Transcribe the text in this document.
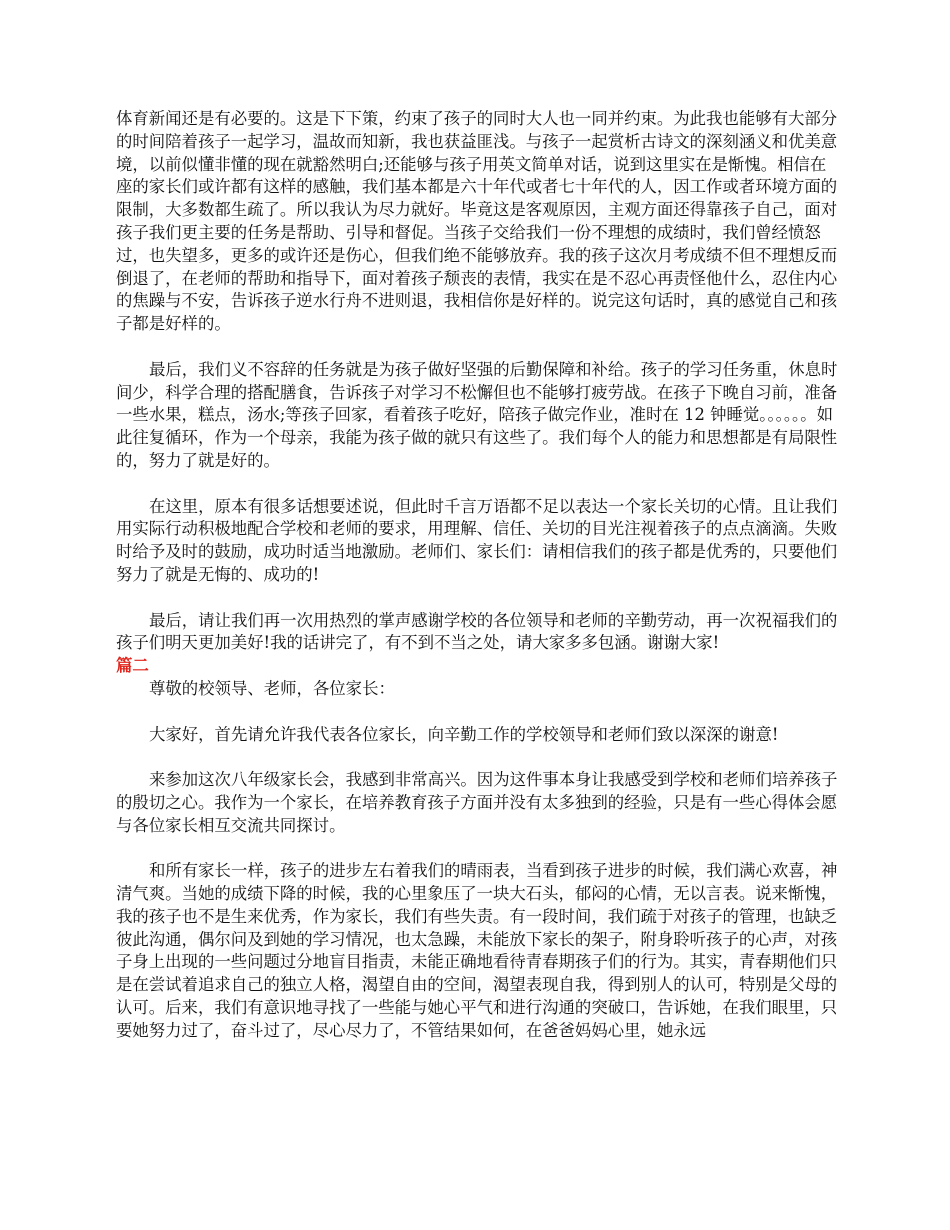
体育新闻还是有必要的。这是下下策，约束了孩子的同时大人也一同并约束。为此我也能够有大部分的时间陪着孩子一起学习，温故而知新，我也获益匪浅。与孩子一起赏析古诗文的深刻涵义和优美意境，以前似懂非懂的现在就豁然明白;还能够与孩子用英文简单对话，说到这里实在是惭愧。相信在座的家长们或许都有这样的感触，我们基本都是六十年代或者七十年代的人，因工作或者环境方面的限制，大多数都生疏了。所以我认为尽力就好。毕竟这是客观原因，主观方面还得靠孩子自己，面对孩子我们更主要的任务是帮助、引导和督促。当孩子交给我们一份不理想的成绩时，我们曾经愤怒过，也失望多，更多的或许还是伤心，但我们绝不能够放弃。我的孩子这次月考成绩不但不理想反而倒退了，在老师的帮助和指导下，面对着孩子颓丧的表情，我实在是不忍心再责怪他什么，忍住内心的焦躁与不安，告诉孩子逆水行舟不进则退，我相信你是好样的。说完这句话时，真的感觉自己和孩子都是好样的。

最后，我们义不容辞的任务就是为孩子做好坚强的后勤保障和补给。孩子的学习任务重，休息时间少，科学合理的搭配膳食，告诉孩子对学习不松懈但也不能够打疲劳战。在孩子下晚自习前，准备一些水果，糕点，汤水;等孩子回家，看着孩子吃好，陪孩子做完作业，准时在 12 钟睡觉。。。。。。如此往复循环，作为一个母亲，我能为孩子做的就只有这些了。我们每个人的能力和思想都是有局限性的，努力了就是好的。

在这里，原本有很多话想要述说，但此时千言万语都不足以表达一个家长关切的心情。且让我们用实际行动积极地配合学校和老师的要求，用理解、信任、关切的目光注视着孩子的点点滴滴。失败时给予及时的鼓励，成功时适当地激励。老师们、家长们：请相信我们的孩子都是优秀的，只要他们努力了就是无悔的、成功的!

最后，请让我们再一次用热烈的掌声感谢学校的各位领导和老师的辛勤劳动，再一次祝福我们的孩子们明天更加美好!我的话讲完了，有不到不当之处，请大家多多包涵。谢谢大家!

篇二

尊敬的校领导、老师，各位家长：

大家好，首先请允许我代表各位家长，向辛勤工作的学校领导和老师们致以深深的谢意!

来参加这次八年级家长会，我感到非常高兴。因为这件事本身让我感受到学校和老师们培养孩子的殷切之心。我作为一个家长，在培养教育孩子方面并没有太多独到的经验，只是有一些心得体会愿与各位家长相互交流共同探讨。

和所有家长一样，孩子的进步左右着我们的晴雨表，当看到孩子进步的时候，我们满心欢喜，神清气爽。当她的成绩下降的时候，我的心里象压了一块大石头，郁闷的心情，无以言表。说来惭愧，我的孩子也不是生来优秀，作为家长，我们有些失责。有一段时间，我们疏于对孩子的管理，也缺乏彼此沟通，偶尔问及到她的学习情况，也太急躁，未能放下家长的架子，附身聆听孩子的心声，对孩子身上出现的一些问题过分地盲目指责，未能正确地看待青春期孩子们的行为。其实，青春期他们只是在尝试着追求自己的独立人格，渴望自由的空间，渴望表现自我，得到别人的认可，特别是父母的认可。后来，我们有意识地寻找了一些能与她心平气和进行沟通的突破口，告诉她，在我们眼里，只要她努力过了，奋斗过了，尽心尽力了，不管结果如何，在爸爸妈妈心里，她永远
